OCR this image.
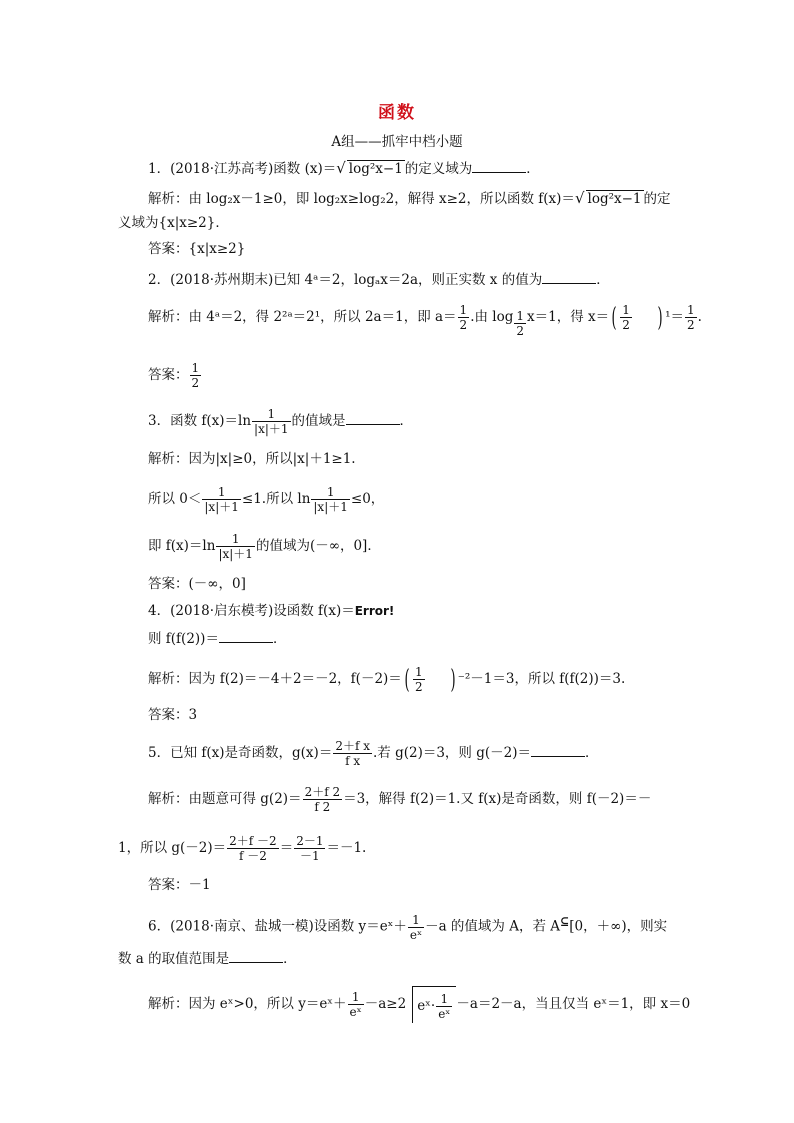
函数
A组——抓牢中档小题
1．(2018·江苏高考)函数 (x)＝√ log²x−1 的定义域为	．
解析：由 log₂x－1≥0，即 log₂x≥log₂2，解得 x≥2，所以函数 f(x)＝√ log²x−1 的定
义域为{x|x≥2}．
答案：{x|x≥2}
2．(2018·苏州期末)已知 4ᵃ＝2，logₐx＝2a，则正实数 x 的值为	．
解析：由 4ᵃ＝2，得 2²ᵃ＝2¹，所以 2a＝1，即 $a= \frac{1}{2}$ .由 $\log \frac{1}{2} x=1$，得 $x=( \frac{1}{2}$ ) $^1= \frac{1}{2}$ .
答案： $\frac{1}{2}$
3．函数 $f(x)=\ln \frac{1}{|x|+1}$ 的值域是	．
解析：因为|x|≥0，所以|x|＋1≥1.
所以 $0< \frac{1}{|x|+1} \le 1$.所以 $\ln \frac{1}{|x|+1} \le 0$，
即 $f(x)=\ln \frac{1}{|x|+1}$ 的值域为(－∞，0]．
答案：(－∞，0]
4．(2018·启东模考)设函数 f(x)＝Error!
则 f(f(2))＝	．
解析：因为 f(2)＝－4＋2＝－2，$f(-2)=( \frac{1}{2}$ ) ⁻²－1＝3，所以 f(f(2))＝3.
答案：3
5．已知 f(x)是奇函数，$g(x)= \frac{\text{2＋f x}}{\text{f x}}$ .若 g(2)＝3，则 g(－2)＝	．
解析：由题意可得 $g(2)= \frac{2+f 2}{f 2} =3$，解得 f(2)＝1.又 f(x)是奇函数，则 f(－2)＝－
1，所以 $g(-2)= \frac{2+f -2}{f -2} = \frac{2-1}{-1} =-1$.
答案：－1
6．(2018·南京、盐城一模)设函数 y＝eˣ＋ $\frac{1}{\text{eˣ}} -a$ 的值域为 A，若 A⊆[0，＋∞)，则实
数 a 的取值范围是	．
解析：因为 eˣ>0，所以 y＝eˣ＋ $\frac{1}{\text{eˣ}} -a\ge 2$ eˣ· $\frac{1}{\text{eˣ}} -a=2-a$，当且仅当 eˣ＝1，即 x＝0
